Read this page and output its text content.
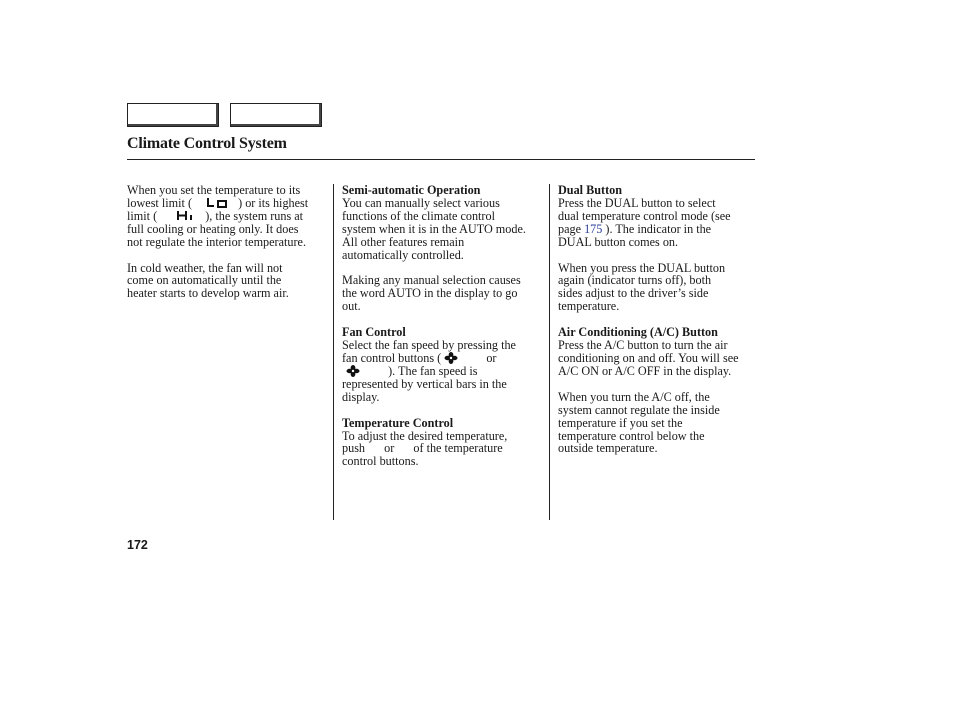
Climate Control System
When you set the temperature to its
lowest limit (	) or its highest
limit (	), the system runs at
full cooling or heating only. It does
not regulate the interior temperature.
In cold weather, the fan will not
come on automatically until the
heater starts to develop warm air.
Semi-automatic Operation
You can manually select various
functions of the climate control
system when it is in the AUTO mode.
All other features remain
automatically controlled.
Making any manual selection causes
the word AUTO in the display to go
out.
Fan Control
Select the fan speed by pressing the
fan control buttons (	or
). The fan speed is
represented by vertical bars in the
display.
Temperature Control
To adjust the desired temperature,
push or of the temperature
control buttons.
Dual Button
Press the DUAL button to select
dual temperature control mode (see
page 175 ). The indicator in the
DUAL button comes on.
When you press the DUAL button
again (indicator turns off), both
sides adjust to the driver’s side
temperature.
Air Conditioning (A/C) Button
Press the A/C button to turn the air
conditioning on and off. You will see
A/C ON or A/C OFF in the display.
When you turn the A/C off, the
system cannot regulate the inside
temperature if you set the
temperature control below the
outside temperature.
172
